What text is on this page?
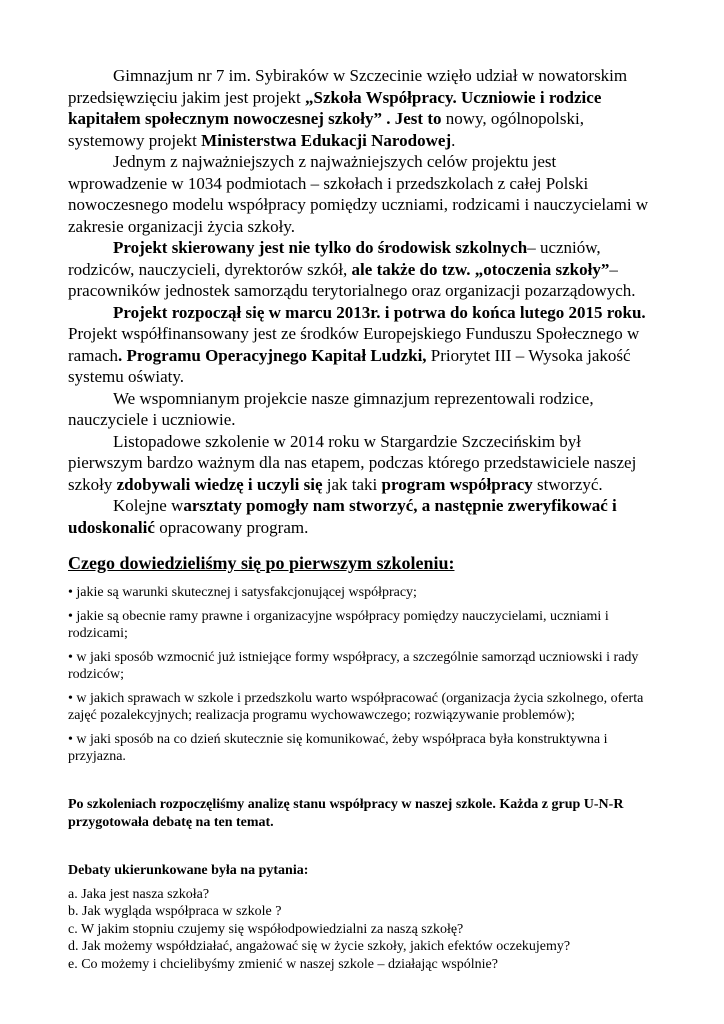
Gimnazjum nr 7 im. Sybiraków w Szczecinie wzięło udział w nowatorskim przedsięwzięciu jakim jest projekt „Szkoła Współpracy. Uczniowie i rodzice kapitałem społecznym nowoczesnej szkoły” . Jest to nowy, ogólnopolski, systemowy projekt Ministerstwa Edukacji Narodowej.

Jednym z najważniejszych z najważniejszych celów projektu jest wprowadzenie w 1034 podmiotach – szkołach i przedszkolach z całej Polski nowoczesnego modelu współpracy pomiędzy uczniami, rodzicami i nauczycielami w zakresie organizacji życia szkoły.

Projekt skierowany jest nie tylko do środowisk szkolnych– uczniów, rodziców, nauczycieli, dyrektorów szkół, ale także do tzw. „otoczenia szkoły”– pracowników jednostek samorządu terytorialnego oraz organizacji pozarządowych.

Projekt rozpoczął się w marcu 2013r. i potrwa do końca lutego 2015 roku. Projekt współfinansowany jest ze środków Europejskiego Funduszu Społecznego w ramach. Programu Operacyjnego Kapitał Ludzki, Priorytet III – Wysoka jakość systemu oświaty.

We wspomnianym projekcie nasze gimnazjum reprezentowali rodzice, nauczyciele i uczniowie.

Listopadowe szkolenie w 2014 roku w Stargardzie Szczecińskim był pierwszym bardzo ważnym dla nas etapem, podczas którego przedstawiciele naszej szkoły zdobywali wiedzę i uczyli się jak taki program współpracy stworzyć.

Kolejne warsztaty pomogły nam stworzyć, a następnie zweryfikować i udoskonalić opracowany program.

Czego dowiedzieliśmy się po pierwszym szkoleniu:
• jakie są warunki skutecznej i satysfakcjonującej współpracy;
• jakie są obecnie ramy prawne i organizacyjne współpracy pomiędzy nauczycielami, uczniami i rodzicami;
• w jaki sposób wzmocnić już istniejące formy współpracy, a szczególnie samorząd uczniowski i rady rodziców;
• w jakich sprawach w szkole i przedszkolu warto współpracować (organizacja życia szkolnego, oferta zajęć pozalekcyjnych; realizacja programu wychowawczego; rozwiązywanie problemów);
• w jaki sposób na co dzień skutecznie się komunikować, żeby współpraca była konstruktywna i przyjazna.

Po szkoleniach rozpoczęliśmy analizę stanu współpracy w naszej szkole. Każda z grup U-N-R przygotowała debatę na ten temat.

Debaty ukierunkowane była na pytania:

a. Jaka jest nasza szkoła?
b. Jak wygląda współpraca w szkole ?
c. W jakim stopniu czujemy się współodpowiedzialni za naszą szkołę?
d. Jak możemy współdziałać, angażować się w życie szkoły, jakich efektów oczekujemy?
e. Co możemy i chcielibyśmy zmienić w naszej szkole – działając wspólnie?
